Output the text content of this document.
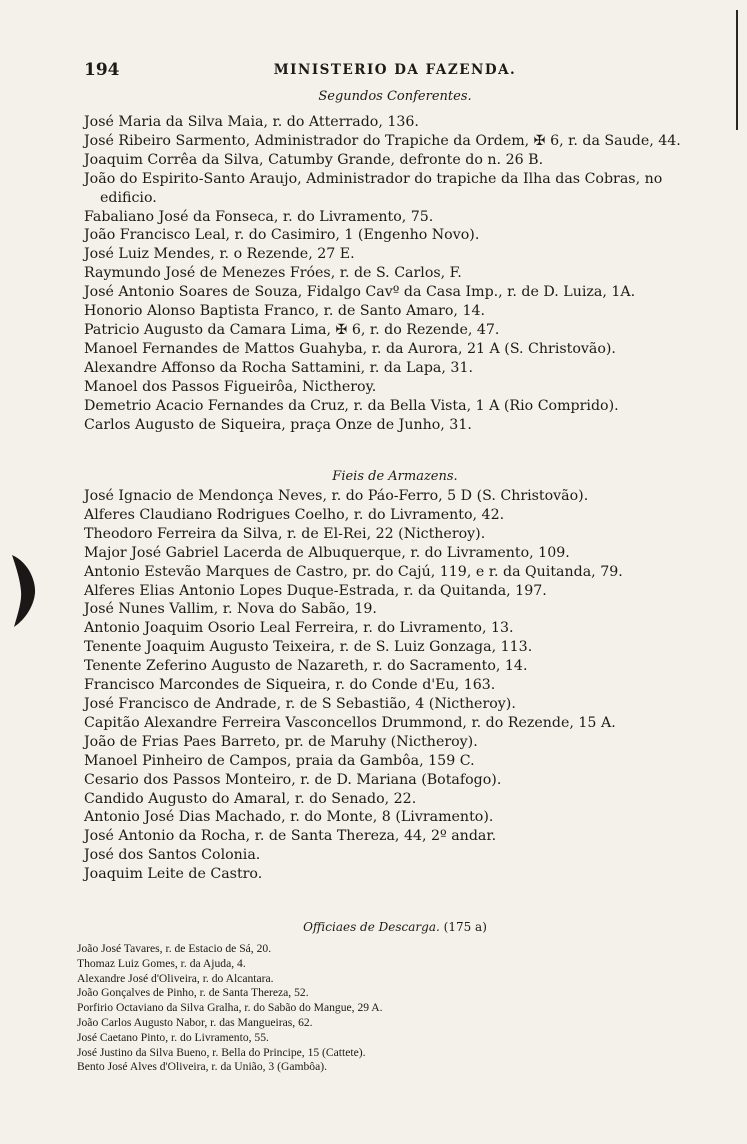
194	MINISTERIO DA FAZENDA.
Segundos Conferentes.
José Maria da Silva Maia, r. do Atterrado, 136.
José Ribeiro Sarmento, Administrador do Trapiche da Ordem, ✠ 6, r. da Saude, 44.
Joaquim Corrêa da Silva, Catumby Grande, defronte do n. 26 B.
João do Espirito-Santo Araujo, Administrador do trapiche da Ilha das Cobras, no edificio.
Fabaliano José da Fonseca, r. do Livramento, 75.
João Francisco Leal, r. do Casimiro, 1 (Engenho Novo).
José Luiz Mendes, r. o Rezende, 27 E.
Raymundo José de Menezes Fróes, r. de S. Carlos, F.
José Antonio Soares de Souza, Fidalgo Cavº da Casa Imp., r. de D. Luiza, 1A.
Honorio Alonso Baptista Franco, r. de Santo Amaro, 14.
Patricio Augusto da Camara Lima, ✠ 6, r. do Rezende, 47.
Manoel Fernandes de Mattos Guahyba, r. da Aurora, 21 A (S. Christovão).
Alexandre Affonso da Rocha Sattamini, r. da Lapa, 31.
Manoel dos Passos Figueirôa, Nictheroy.
Demetrio Acacio Fernandes da Cruz, r. da Bella Vista, 1 A (Rio Comprido).
Carlos Augusto de Siqueira, praça Onze de Junho, 31.
Fieis de Armazens.
José Ignacio de Mendonça Neves, r. do Páo-Ferro, 5 D (S. Christovão).
Alferes Claudiano Rodrigues Coelho, r. do Livramento, 42.
Theodoro Ferreira da Silva, r. de El-Rei, 22 (Nictheroy).
Major José Gabriel Lacerda de Albuquerque, r. do Livramento, 109.
Antonio Estevão Marques de Castro, pr. do Cajú, 119, e r. da Quitanda, 79.
Alferes Elias Antonio Lopes Duque-Estrada, r. da Quitanda, 197.
José Nunes Vallim, r. Nova do Sabão, 19.
Antonio Joaquim Osorio Leal Ferreira, r. do Livramento, 13.
Tenente Joaquim Augusto Teixeira, r. de S. Luiz Gonzaga, 113.
Tenente Zeferino Augusto de Nazareth, r. do Sacramento, 14.
Francisco Marcondes de Siqueira, r. do Conde d'Eu, 163.
José Francisco de Andrade, r. de S Sebastião, 4 (Nictheroy).
Capitão Alexandre Ferreira Vasconcellos Drummond, r. do Rezende, 15 A.
João de Frias Paes Barreto, pr. de Maruhy (Nictheroy).
Manoel Pinheiro de Campos, praia da Gambôa, 159 C.
Cesario dos Passos Monteiro, r. de D. Mariana (Botafogo).
Candido Augusto do Amaral, r. do Senado, 22.
Antonio José Dias Machado, r. do Monte, 8 (Livramento).
José Antonio da Rocha, r. de Santa Thereza, 44, 2º andar.
José dos Santos Colonia.
Joaquim Leite de Castro.
Officiaes de Descarga. (175 a)
João José Tavares, r. de Estacio de Sá, 20.
Thomaz Luiz Gomes, r. da Ajuda, 4.
Alexandre José d'Oliveira, r. do Alcantara.
João Gonçalves de Pinho, r. de Santa Thereza, 52.
Porfirio Octaviano da Silva Gralha, r. do Sabão do Mangue, 29 A.
João Carlos Augusto Nabor, r. das Mangueiras, 62.
José Caetano Pinto, r. do Livramento, 55.
José Justino da Silva Bueno, r. Bella do Principe, 15 (Cattete).
Bento José Alves d'Oliveira, r. da União, 3 (Gambôa).
